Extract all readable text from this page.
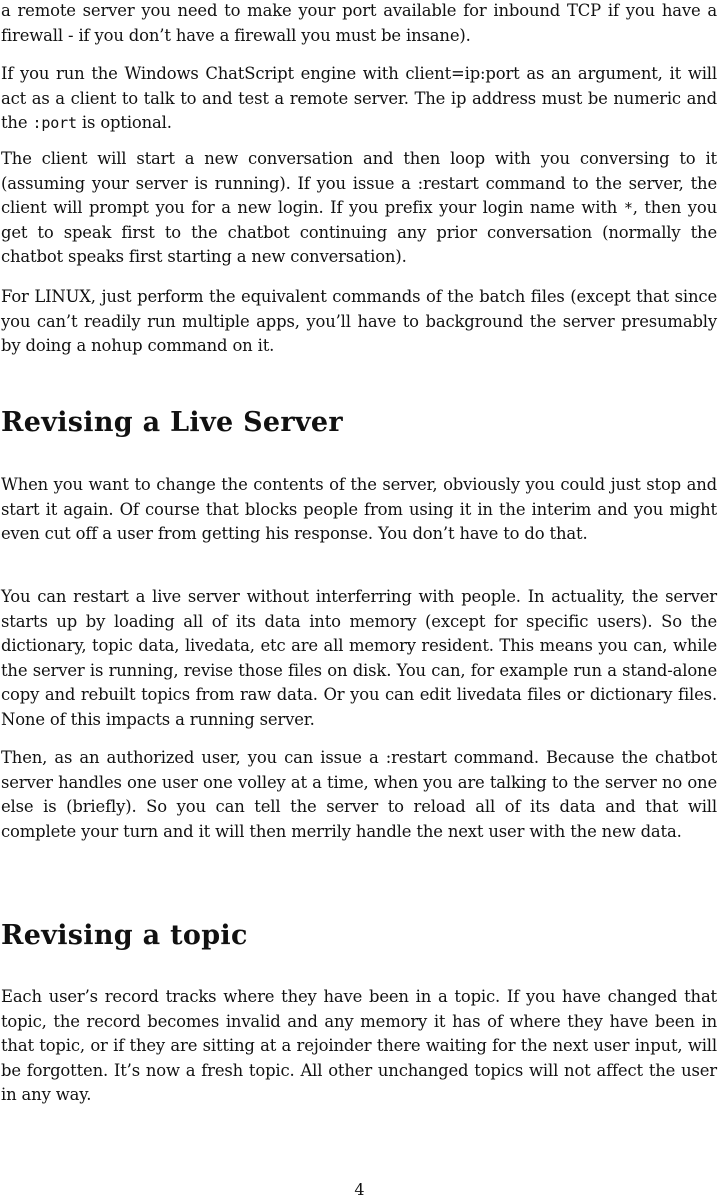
a remote server you need to make your port available for inbound TCP if you have a firewall - if you don’t have a firewall you must be insane).

If you run the Windows ChatScript engine with client=ip:port as an argument, it will act as a client to talk to and test a remote server. The ip address must be numeric and the :port is optional.

The client will start a new conversation and then loop with you conversing to it (assuming your server is running). If you issue a :restart command to the server, the client will prompt you for a new login. If you prefix your login name with *, then you get to speak first to the chatbot continuing any prior conversation (normally the chatbot speaks first starting a new conversation).

For LINUX, just perform the equivalent commands of the batch files (except that since you can’t readily run multiple apps, you’ll have to background the server presumably by doing a nohup command on it.

Revising a Live Server

When you want to change the contents of the server, obviously you could just stop and start it again. Of course that blocks people from using it in the interim and you might even cut off a user from getting his response. You don’t have to do that.

You can restart a live server without interferring with people. In actuality, the server starts up by loading all of its data into memory (except for specific users). So the dictionary, topic data, livedata, etc are all memory resident. This means you can, while the server is running, revise those files on disk. You can, for example run a stand-alone copy and rebuilt topics from raw data. Or you can edit livedata files or dictionary files. None of this impacts a running server.

Then, as an authorized user, you can issue a :restart command. Because the chatbot server handles one user one volley at a time, when you are talking to the server no one else is (briefly). So you can tell the server to reload all of its data and that will complete your turn and it will then merrily handle the next user with the new data.

Revising a topic

Each user’s record tracks where they have been in a topic. If you have changed that topic, the record becomes invalid and any memory it has of where they have been in that topic, or if they are sitting at a rejoinder there waiting for the next user input, will be forgotten. It’s now a fresh topic. All other unchanged topics will not affect the user in any way.

4
